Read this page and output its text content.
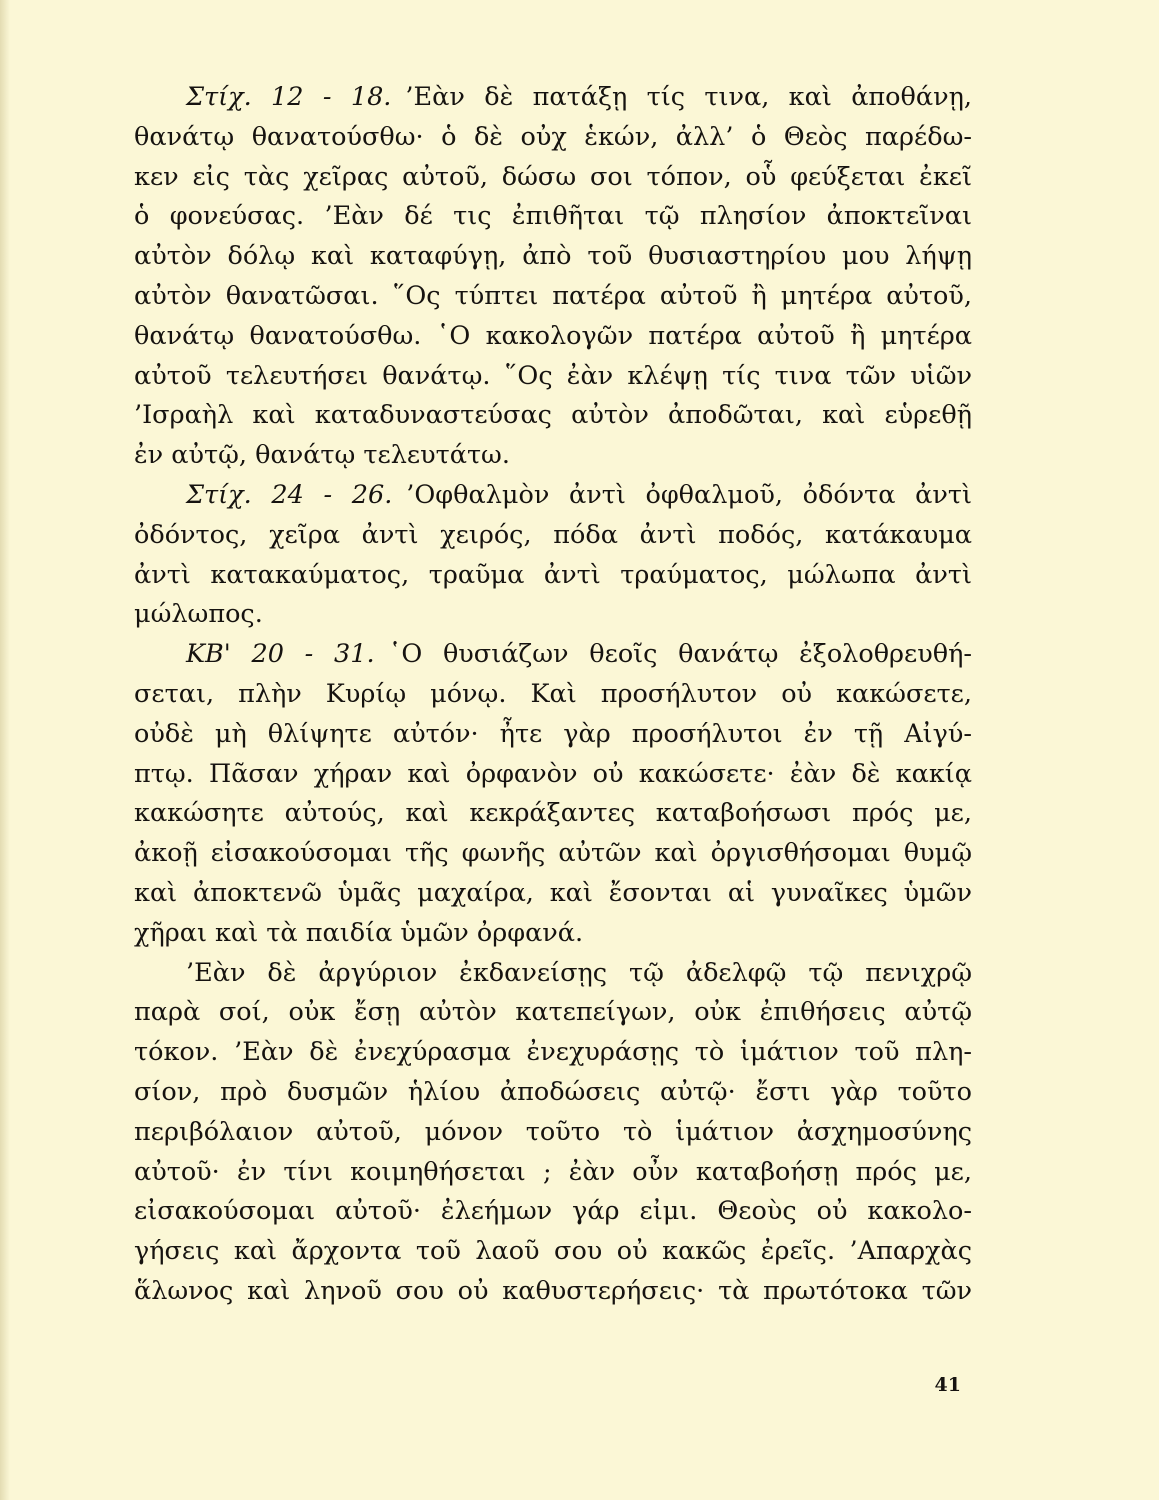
Στίχ. 12 - 18. ’Εὰν δὲ πατάξῃ τίς τινα, καὶ ἀποθάνῃ,
θανάτῳ θανατούσθω· ὁ δὲ οὐχ ἑκών, ἀλλ’ ὁ Θεὸς παρέδω-
κεν εἰς τὰς χεῖρας αὐτοῦ, δώσω σοι τόπον, οὗ φεύξεται ἐκεῖ
ὁ φονεύσας. ’Εὰν δέ τις ἐπιθῆται τῷ πλησίον ἀποκτεῖναι
αὐτὸν δόλῳ καὶ καταφύγῃ, ἀπὸ τοῦ θυσιαστηρίου μου λήψῃ
αὐτὸν θανατῶσαι. ῞Ος τύπτει πατέρα αὐτοῦ ἢ μητέρα αὐτοῦ,
θανάτῳ θανατούσθω. ῾Ο κακολογῶν πατέρα αὐτοῦ ἢ μητέρα
αὐτοῦ τελευτήσει θανάτῳ. ῞Ος ἐὰν κλέψῃ τίς τινα τῶν υἱῶν
’Ισραὴλ καὶ καταδυναστεύσας αὐτὸν ἀποδῶται, καὶ εὑρεθῇ
ἐν αὐτῷ, θανάτῳ τελευτάτω.
Στίχ. 24 - 26. ’Οφθαλμὸν ἀντὶ ὀφθαλμοῦ, ὀδόντα ἀντὶ
ὀδόντος, χεῖρα ἀντὶ χειρός, πόδα ἀντὶ ποδός, κατάκαυμα
ἀντὶ κατακαύματος, τραῦμα ἀντὶ τραύματος, μώλωπα ἀντὶ
μώλωπος.
ΚΒ' 20 - 31. ῾Ο θυσιάζων θεοῖς θανάτῳ ἐξολοθρευθή-
σεται, πλὴν Κυρίῳ μόνῳ. Καὶ προσήλυτον οὐ κακώσετε,
οὐδὲ μὴ θλίψητε αὐτόν· ἦτε γὰρ προσήλυτοι ἐν τῇ Αἰγύ-
πτῳ. Πᾶσαν χήραν καὶ ὀρφανὸν οὐ κακώσετε· ἐὰν δὲ κακίᾳ
κακώσητε αὐτούς, καὶ κεκράξαντες καταβοήσωσι πρός με,
ἀκοῇ εἰσακούσομαι τῆς φωνῆς αὐτῶν καὶ ὀργισθήσομαι θυμῷ
καὶ ἀποκτενῶ ὑμᾶς μαχαίρα, καὶ ἔσονται αἱ γυναῖκες ὑμῶν
χῆραι καὶ τὰ παιδία ὑμῶν ὀρφανά.
’Εὰν δὲ ἀργύριον ἐκδανείσῃς τῷ ἀδελφῷ τῷ πενιχρῷ
παρὰ σοί, οὐκ ἔσῃ αὐτὸν κατεπείγων, οὐκ ἐπιθήσεις αὐτῷ
τόκον. ’Εὰν δὲ ἐνεχύρασμα ἐνεχυράσῃς τὸ ἱμάτιον τοῦ πλη-
σίον, πρὸ δυσμῶν ἡλίου ἀποδώσεις αὐτῷ· ἔστι γὰρ τοῦτο
περιβόλαιον αὐτοῦ, μόνον τοῦτο τὸ ἱμάτιον ἀσχημοσύνης
αὐτοῦ· ἐν τίνι κοιμηθήσεται ; ἐὰν οὖν καταβοήσῃ πρός με,
εἰσακούσομαι αὐτοῦ· ἐλεήμων γάρ εἰμι. Θεοὺς οὐ κακολο-
γήσεις καὶ ἄρχοντα τοῦ λαοῦ σου οὐ κακῶς ἐρεῖς. ’Απαρχὰς
ἅλωνος καὶ ληνοῦ σου οὐ καθυστερήσεις· τὰ πρωτότοκα τῶν
41
